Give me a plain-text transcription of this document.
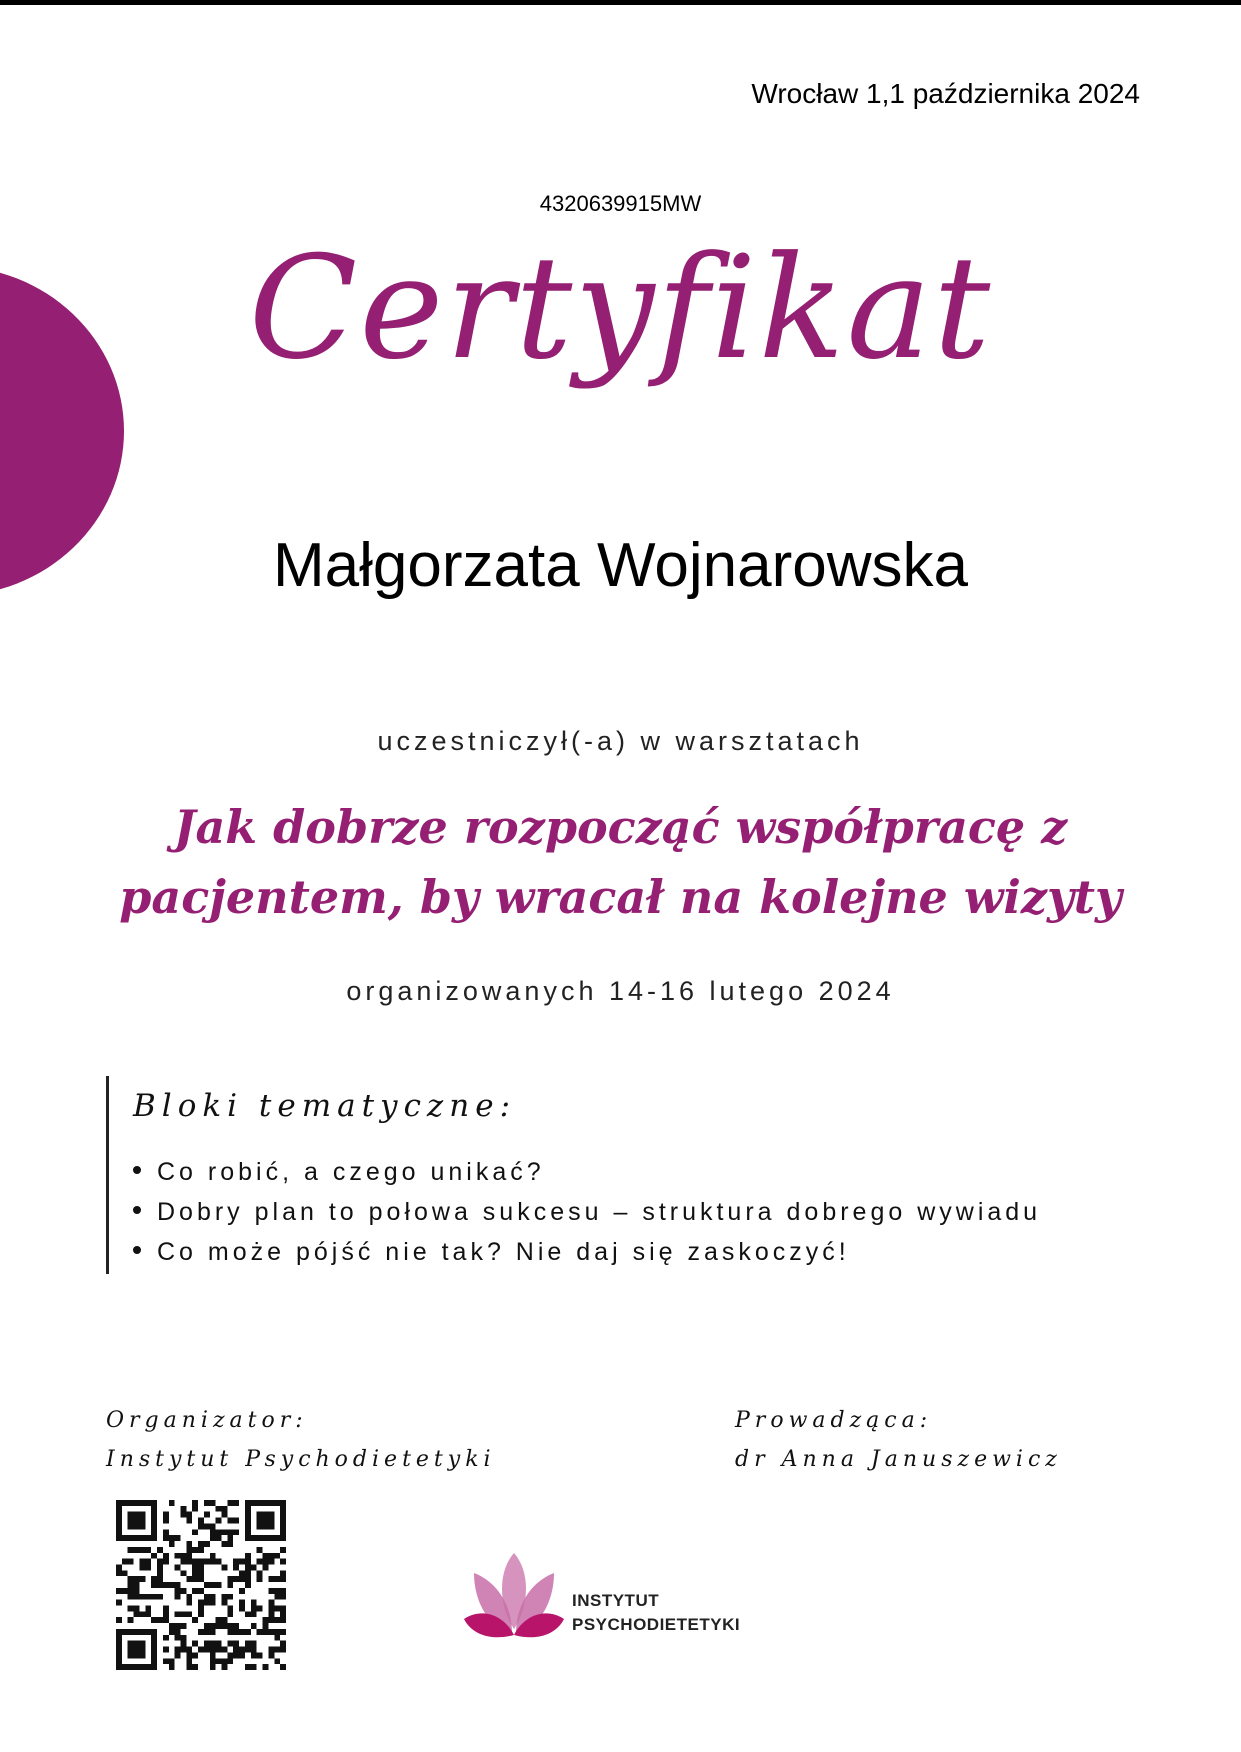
Wrocław 1,1 października 2024
4320639915MW
Certyfikat
Małgorzata Wojnarowska
uczestniczył(-a) w warsztatach
Jak dobrze rozpocząć współpracę z pacjentem, by wracał na kolejne wizyty
organizowanych 14-16 lutego 2024
Bloki tematyczne:
Co robić, a czego unikać?
Dobry plan to połowa sukcesu – struktura dobrego wywiadu
Co może pójść nie tak? Nie daj się zaskoczyć!
Organizator:
Instytut Psychodietetyki
Prowadząca:
dr Anna Januszewicz
INSTYTUT
PSYCHODIETETYKI
